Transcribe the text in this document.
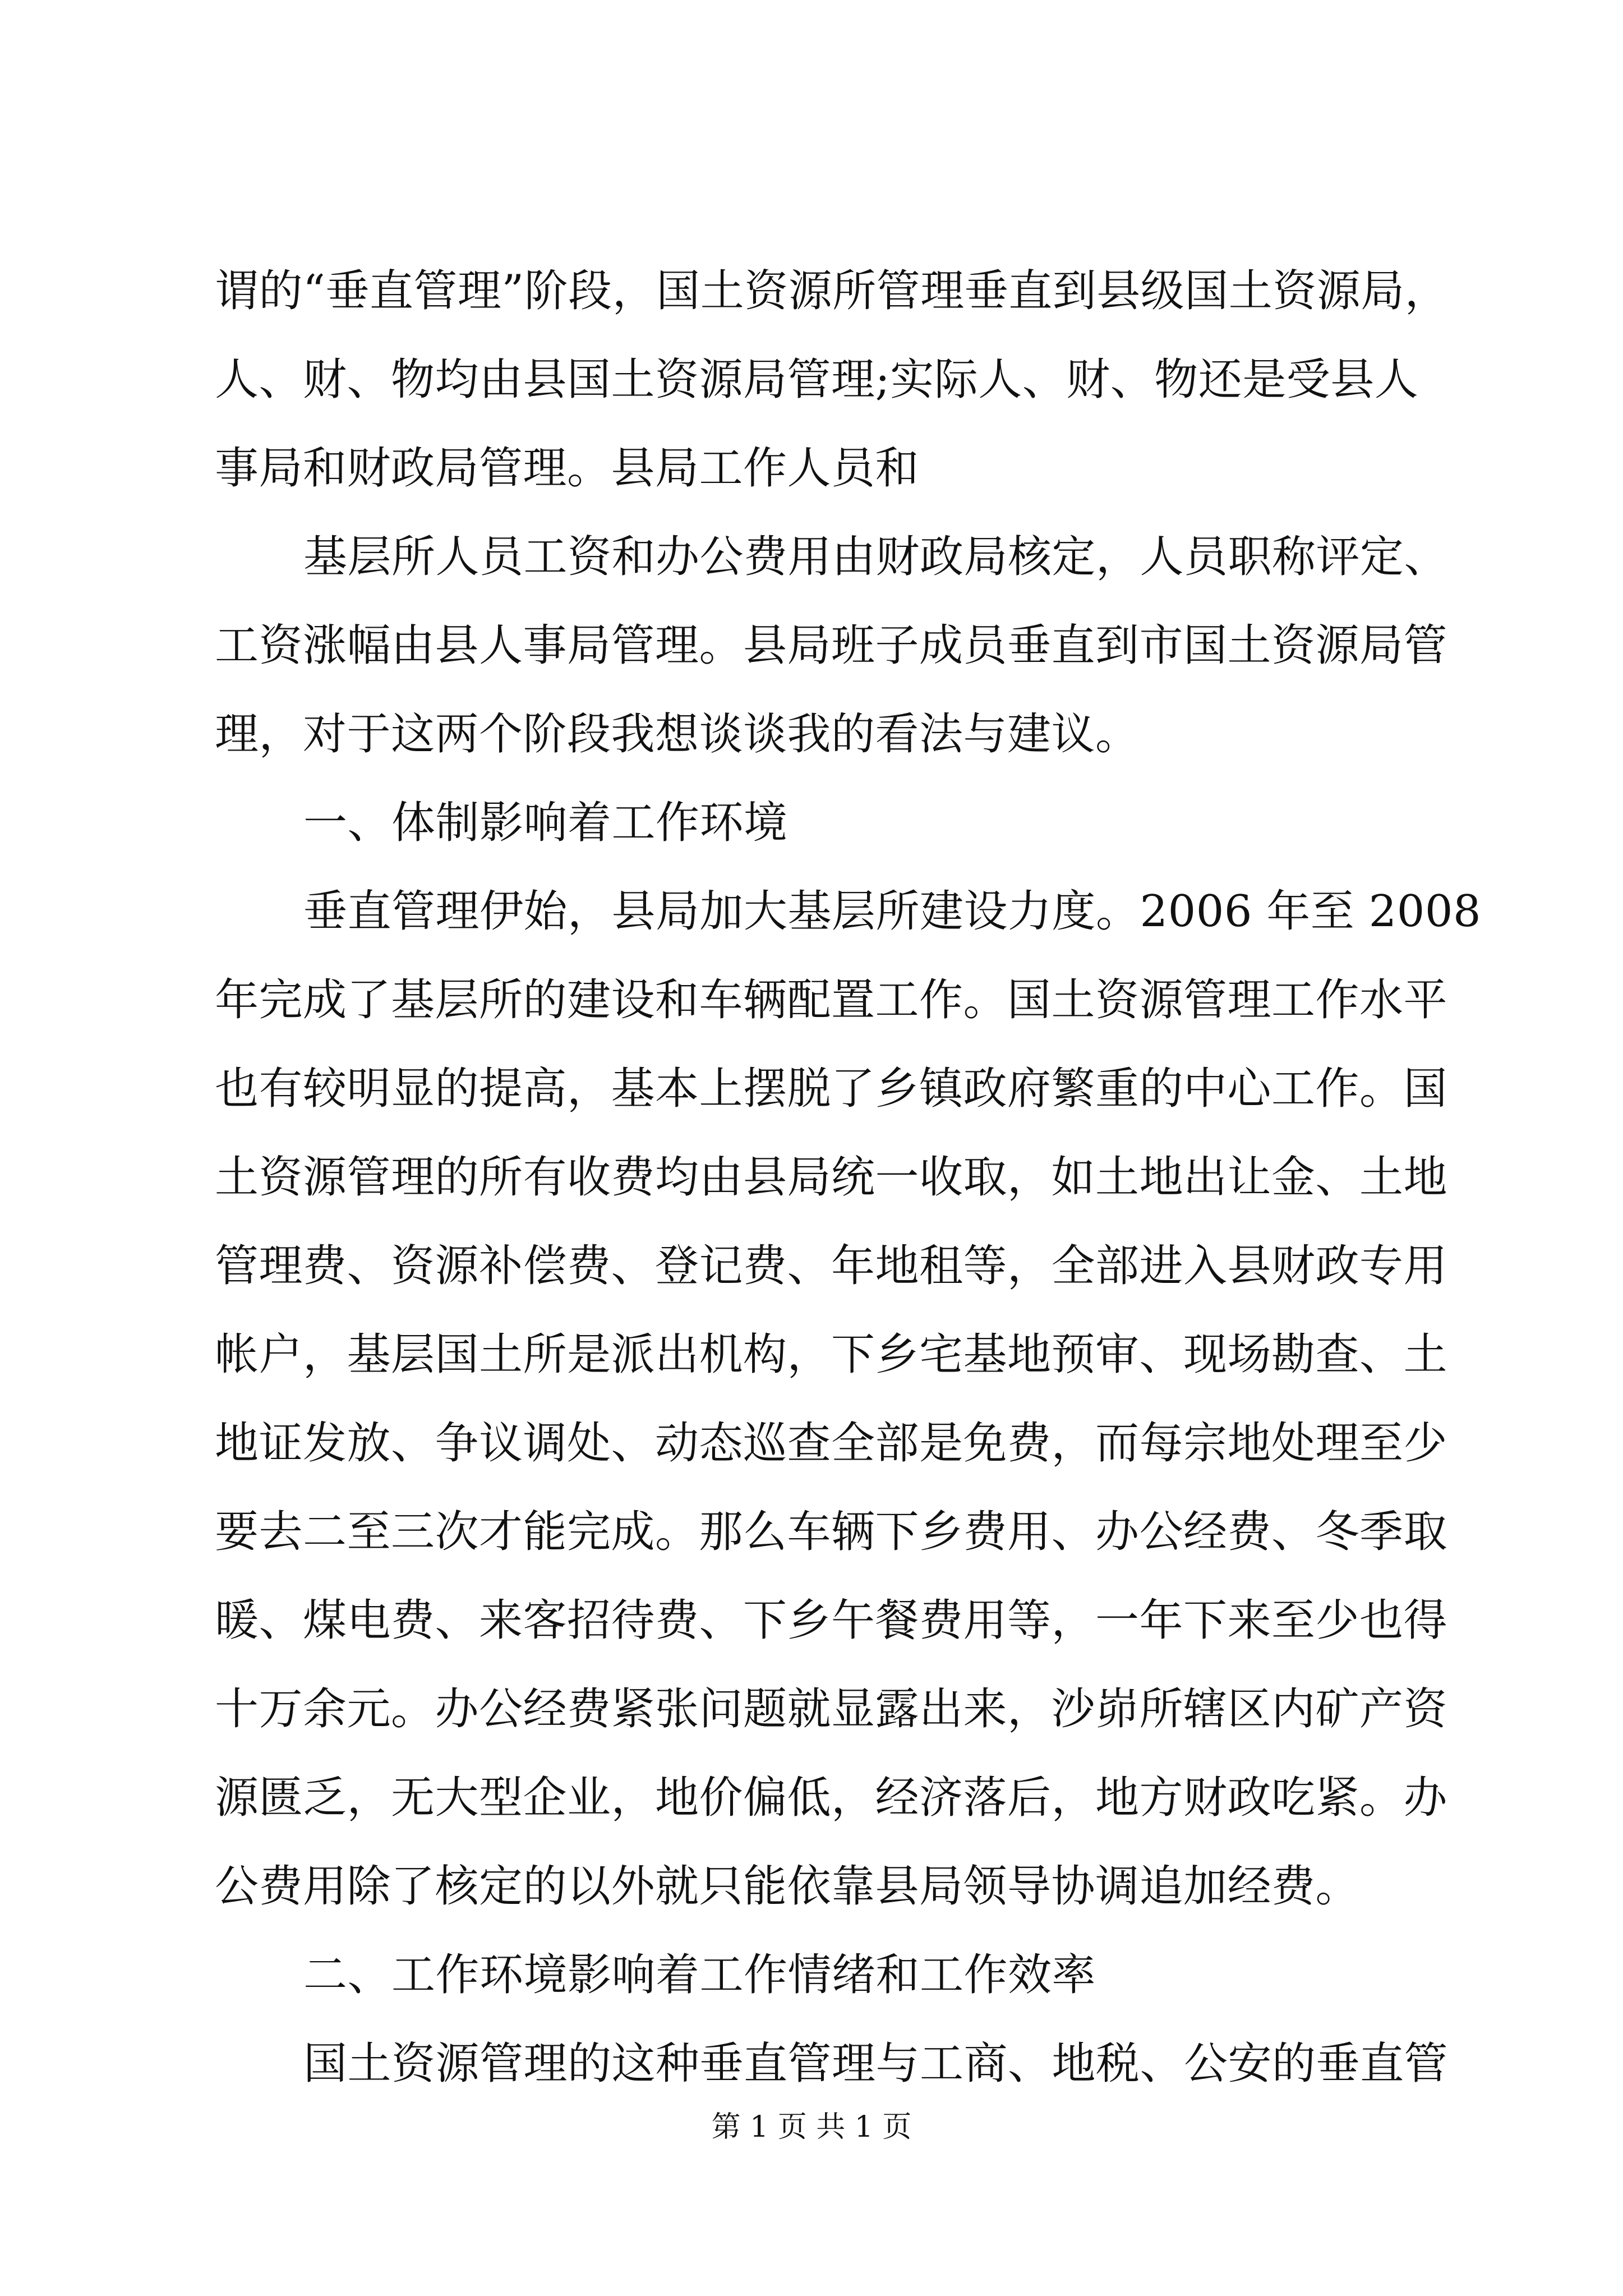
谓的“垂直管理”阶段，国土资源所管理垂直到县级国土资源局，
人、财、物均由县国土资源局管理;实际人、财、物还是受县人
事局和财政局管理。县局工作人员和
基层所人员工资和办公费用由财政局核定，人员职称评定、
工资涨幅由县人事局管理。县局班子成员垂直到市国土资源局管
理，对于这两个阶段我想谈谈我的看法与建议。
一、体制影响着工作环境
垂直管理伊始，县局加大基层所建设力度。2006 年至 2008
年完成了基层所的建设和车辆配置工作。国土资源管理工作水平
也有较明显的提高，基本上摆脱了乡镇政府繁重的中心工作。国
土资源管理的所有收费均由县局统一收取，如土地出让金、土地
管理费、资源补偿费、登记费、年地租等，全部进入县财政专用
帐户，基层国土所是派出机构，下乡宅基地预审、现场勘查、土
地证发放、争议调处、动态巡查全部是免费，而每宗地处理至少
要去二至三次才能完成。那么车辆下乡费用、办公经费、冬季取
暖、煤电费、来客招待费、下乡午餐费用等，一年下来至少也得
十万余元。办公经费紧张问题就显露出来，沙峁所辖区内矿产资
源匮乏，无大型企业，地价偏低，经济落后，地方财政吃紧。办
公费用除了核定的以外就只能依靠县局领导协调追加经费。
二、工作环境影响着工作情绪和工作效率
国土资源管理的这种垂直管理与工商、地税、公安的垂直管
第 1 页 共 1 页
